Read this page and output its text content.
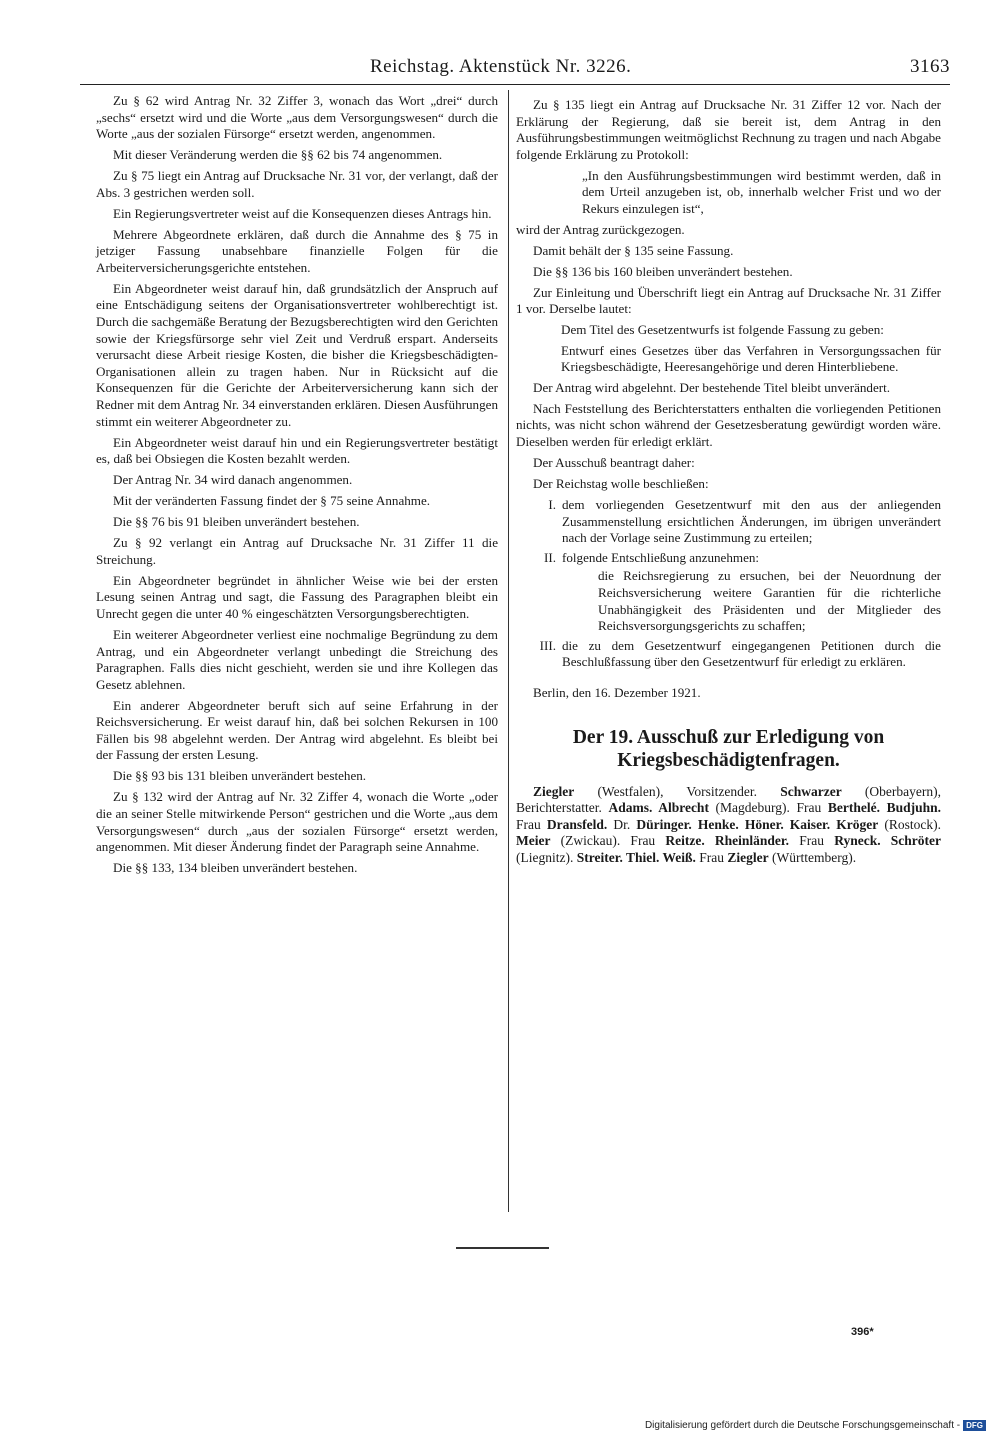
Reichstag. Aktenstück Nr. 3226.	3163

Zu § 62 wird Antrag Nr. 32 Ziffer 3, wonach das Wort „drei“ durch „sechs“ ersetzt wird und die Worte „aus dem Versorgungswesen“ durch die Worte „aus der sozialen Fürsorge“ ersetzt werden, angenommen.

Mit dieser Veränderung werden die §§ 62 bis 74 angenommen.

Zu § 75 liegt ein Antrag auf Drucksache Nr. 31 vor, der verlangt, daß der Abs. 3 gestrichen werden soll.

Ein Regierungsvertreter weist auf die Konsequenzen dieses Antrags hin.

Mehrere Abgeordnete erklären, daß durch die Annahme des § 75 in jetziger Fassung unabsehbare finanzielle Folgen für die Arbeiterversicherungsgerichte entstehen.

Ein Abgeordneter weist darauf hin, daß grundsätzlich der Anspruch auf eine Entschädigung seitens der Organisationsvertreter wohlberechtigt ist. Durch die sachgemäße Beratung der Bezugsberechtigten wird den Gerichten sowie der Kriegsfürsorge sehr viel Zeit und Verdruß erspart. Anderseits verursacht diese Arbeit riesige Kosten, die bisher die Kriegsbeschädigten-Organisationen allein zu tragen haben. Nur in Rücksicht auf die Konsequenzen für die Gerichte der Arbeiterversicherung kann sich der Redner mit dem Antrag Nr. 34 einverstanden erklären. Diesen Ausführungen stimmt ein weiterer Abgeordneter zu.

Ein Abgeordneter weist darauf hin und ein Regierungsvertreter bestätigt es, daß bei Obsiegen die Kosten bezahlt werden.

Der Antrag Nr. 34 wird danach angenommen.

Mit der veränderten Fassung findet der § 75 seine Annahme.

Die §§ 76 bis 91 bleiben unverändert bestehen.

Zu § 92 verlangt ein Antrag auf Drucksache Nr. 31 Ziffer 11 die Streichung.

Ein Abgeordneter begründet in ähnlicher Weise wie bei der ersten Lesung seinen Antrag und sagt, die Fassung des Paragraphen bleibt ein Unrecht gegen die unter 40 % eingeschätzten Versorgungsberechtigten.

Ein weiterer Abgeordneter verliest eine nochmalige Begründung zu dem Antrag, und ein Abgeordneter verlangt unbedingt die Streichung des Paragraphen. Falls dies nicht geschieht, werden sie und ihre Kollegen das Gesetz ablehnen.

Ein anderer Abgeordneter beruft sich auf seine Erfahrung in der Reichsversicherung. Er weist darauf hin, daß bei solchen Rekursen in 100 Fällen bis 98 abgelehnt werden. Der Antrag wird abgelehnt. Es bleibt bei der Fassung der ersten Lesung.

Die §§ 93 bis 131 bleiben unverändert bestehen.

Zu § 132 wird der Antrag auf Nr. 32 Ziffer 4, wonach die Worte „oder die an seiner Stelle mitwirkende Person“ gestrichen und die Worte „aus dem Versorgungswesen“ durch „aus der sozialen Fürsorge“ ersetzt werden, angenommen. Mit dieser Änderung findet der Paragraph seine Annahme.

Die §§ 133, 134 bleiben unverändert bestehen.

Zu § 135 liegt ein Antrag auf Drucksache Nr. 31 Ziffer 12 vor. Nach der Erklärung der Regierung, daß sie bereit ist, dem Antrag in den Ausführungsbestimmungen weitmöglichst Rechnung zu tragen und nach Abgabe folgende Erklärung zu Protokoll:

„In den Ausführungsbestimmungen wird bestimmt werden, daß in dem Urteil anzugeben ist, ob, innerhalb welcher Frist und wo der Rekurs einzulegen ist“,

wird der Antrag zurückgezogen.

Damit behält der § 135 seine Fassung.

Die §§ 136 bis 160 bleiben unverändert bestehen.

Zur Einleitung und Überschrift liegt ein Antrag auf Drucksache Nr. 31 Ziffer 1 vor. Derselbe lautet:

Dem Titel des Gesetzentwurfs ist folgende Fassung zu geben:

Entwurf eines Gesetzes über das Verfahren in Versorgungssachen für Kriegsbeschädigte, Heeresangehörige und deren Hinterbliebene.

Der Antrag wird abgelehnt. Der bestehende Titel bleibt unverändert.

Nach Feststellung des Berichterstatters enthalten die vorliegenden Petitionen nichts, was nicht schon während der Gesetzesberatung gewürdigt worden wäre. Dieselben werden für erledigt erklärt.

Der Ausschuß beantragt daher:

Der Reichstag wolle beschließen:

I. dem vorliegenden Gesetzentwurf mit den aus der anliegenden Zusammenstellung ersichtlichen Änderungen, im übrigen unverändert nach der Vorlage seine Zustimmung zu erteilen;
II. folgende Entschließung anzunehmen:
die Reichsregierung zu ersuchen, bei der Neuordnung der Reichsversicherung weitere Garantien für die richterliche Unabhängigkeit des Präsidenten und der Mitglieder des Reichsversorgungsgerichts zu schaffen;
III. die zu dem Gesetzentwurf eingegangenen Petitionen durch die Beschlußfassung über den Gesetzentwurf für erledigt zu erklären.

Berlin, den 16. Dezember 1921.

Der 19. Ausschuß zur Erledigung von Kriegsbeschädigtenfragen.

Ziegler (Westfalen), Vorsitzender. Schwarzer (Oberbayern), Berichterstatter. Adams. Albrecht (Magdeburg). Frau Berthelé. Budjuhn. Frau Dransfeld. Dr. Düringer. Henke. Höner. Kaiser. Kröger (Rostock). Meier (Zwickau). Frau Reitze. Rheinländer. Frau Ryneck. Schröter (Liegnitz). Streiter. Thiel. Weiß. Frau Ziegler (Württemberg).

396*
Digitalisierung gefördert durch die Deutsche Forschungsgemeinschaft - DFG
